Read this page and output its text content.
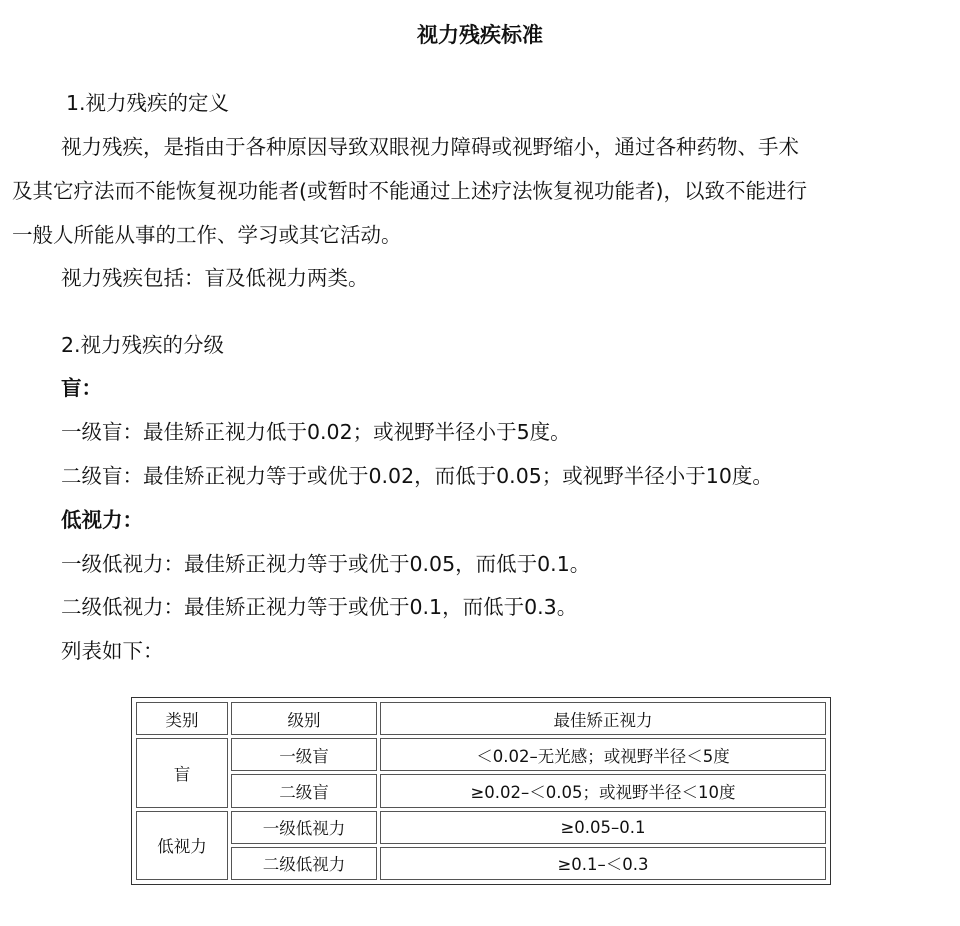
视力残疾标准
1.视力残疾的定义
视力残疾，是指由于各种原因导致双眼视力障碍或视野缩小，通过各种药物、手术
及其它疗法而不能恢复视功能者(或暂时不能通过上述疗法恢复视功能者)，以致不能进行
一般人所能从事的工作、学习或其它活动。
视力残疾包括：盲及低视力两类。
2.视力残疾的分级
盲：
一级盲：最佳矫正视力低于0.02；或视野半径小于5度。
二级盲：最佳矫正视力等于或优于0.02，而低于0.05；或视野半径小于10度。
低视力：
一级低视力：最佳矫正视力等于或优于0.05，而低于0.1。
二级低视力：最佳矫正视力等于或优于0.1，而低于0.3。
列表如下：
类别	级别	最佳矫正视力
盲	一级盲	＜0.02–无光感；或视野半径＜5度
	二级盲	≥0.02–＜0.05；或视野半径＜10度
低视力	一级低视力	≥0.05–0.1
	二级低视力	≥0.1–＜0.3
